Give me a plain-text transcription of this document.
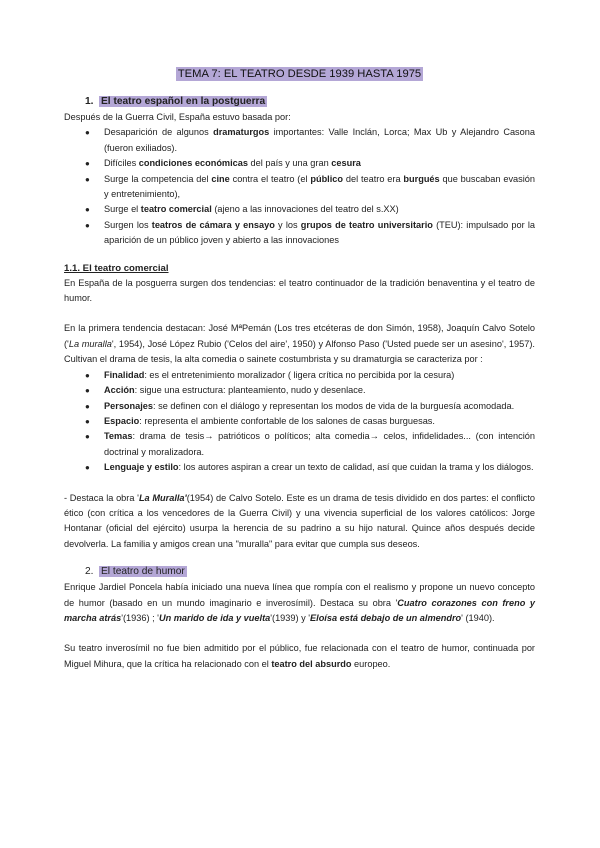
TEMA 7: EL TEATRO DESDE 1939 HASTA 1975
1. El teatro español en la postguerra

Después de la Guerra Civil, España estuvo basada por:

● Desaparición de algunos dramaturgos importantes: Valle Inclán, Lorca; Max Ub y Alejandro Casona (fueron exiliados).
● Difíciles condiciones económicas del país y una gran cesura
● Surge la competencia del cine contra el teatro (el público del teatro era burgués que buscaban evasión y entretenimiento),
● Surge el teatro comercial (ajeno a las innovaciones del teatro del s.XX)
● Surgen los teatros de cámara y ensayo y los grupos de teatro universitario (TEU): impulsado por la aparición de un público joven y abierto a las innovaciones
1.1. El teatro comercial

En España de la posguerra surgen dos tendencias: el teatro continuador de la tradición benaventina y el teatro de humor.

En la primera tendencia destacan: José MªPemán (Los tres etcéteras de don Simón, 1958), Joaquín Calvo Sotelo ('La muralla', 1954), José López Rubio ('Celos del aire', 1950) y Alfonso Paso ('Usted puede ser un asesino', 1957). Cultivan el drama de tesis, la alta comedia o sainete costumbrista y su dramaturgia se caracteriza por :

● Finalidad: es el entretenimiento moralizador ( ligera crítica no percibida por la cesura)
● Acción: sigue una estructura: planteamiento, nudo y desenlace.
● Personajes: se definen con el diálogo y representan los modos de vida de la burguesía acomodada.
● Espacio: representa el ambiente confortable de los salones de casas burguesas.
● Temas: drama de tesis→ patrióticos o políticos; alta comedia→ celos, infidelidades... (con intención doctrinal y moralizadora.
● Lenguaje y estilo: los autores aspiran a crear un texto de calidad, así que cuidan la trama y los diálogos.

- Destaca la obra 'La Muralla'(1954) de Calvo Sotelo. Este es un drama de tesis dividido en dos partes: el conflicto ético (con crítica a los vencedores de la Guerra Civil) y una vivencia superficial de los valores católicos: Jorge Hontanar (oficial del ejército) usurpa la herencia de su padrino a su hijo natural. Quince años después decide devolverla. La familia y amigos crean una "muralla" para evitar que cumpla sus deseos.

2. El teatro de humor

Enrique Jardiel Poncela había iniciado una nueva línea que rompía con el realismo y propone un nuevo concepto de humor (basado en un mundo imaginario e inverosímil). Destaca su obra 'Cuatro corazones con freno y marcha atrás'(1936) ; 'Un marido de ida y vuelta'(1939) y 'Eloísa está debajo de un almendro' (1940).

Su teatro inverosímil no fue bien admitido por el público, fue relacionada con el teatro de humor, continuada por Miguel Mihura, que la crítica ha relacionado con el teatro del absurdo europeo.
